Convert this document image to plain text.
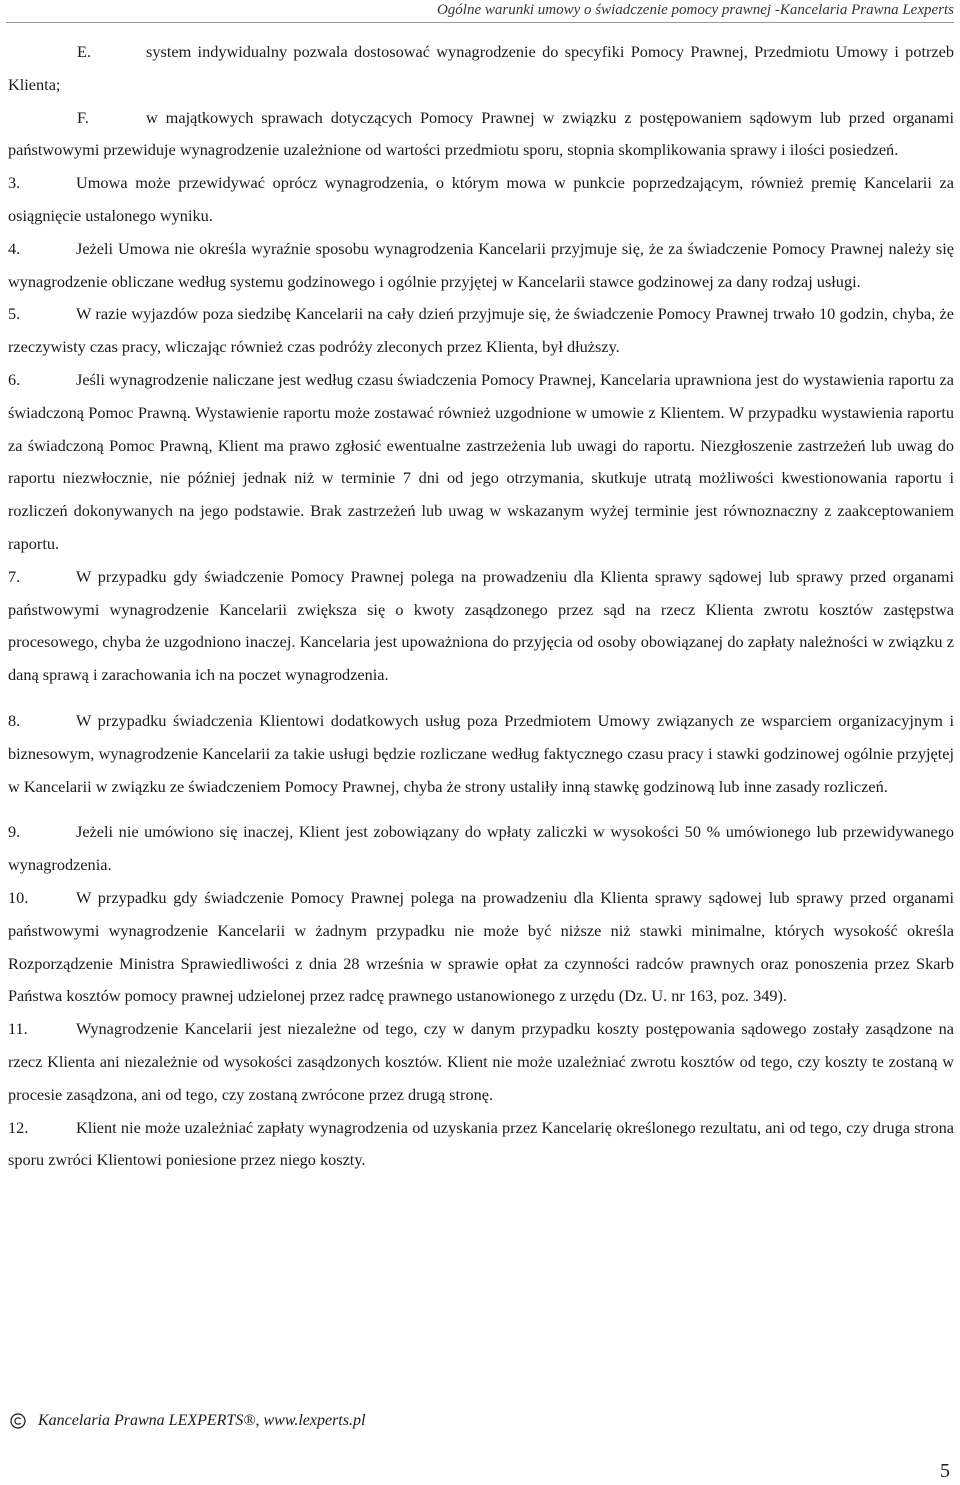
Ogólne warunki umowy o świadczenie pomocy prawnej -Kancelaria Prawna Lexperts

E.	system indywidualny pozwala dostosować wynagrodzenie do specyfiki Pomocy Prawnej, Przedmiotu Umowy i potrzeb Klienta;

F.	w majątkowych sprawach dotyczących Pomocy Prawnej w związku z postępowaniem sądowym lub przed organami państwowymi przewiduje wynagrodzenie uzależnione od wartości przedmiotu sporu, stopnia skomplikowania sprawy i ilości posiedzeń.

3.	Umowa może przewidywać oprócz wynagrodzenia, o którym mowa w punkcie poprzedzającym, również premię Kancelarii za osiągnięcie ustalonego wyniku.

4.	Jeżeli Umowa nie określa wyraźnie sposobu wynagrodzenia Kancelarii przyjmuje się, że za świadczenie Pomocy Prawnej należy się wynagrodzenie obliczane według systemu godzinowego i ogólnie przyjętej w Kancelarii stawce godzinowej za dany rodzaj usługi.

5.	W razie wyjazdów poza siedzibę Kancelarii na cały dzień przyjmuje się, że świadczenie Pomocy Prawnej trwało 10 godzin, chyba, że rzeczywisty czas pracy, wliczając również czas podróży zleconych przez Klienta, był dłuższy.

6.	Jeśli wynagrodzenie naliczane jest według czasu świadczenia Pomocy Prawnej, Kancelaria uprawniona jest do wystawienia raportu za świadczoną Pomoc Prawną. Wystawienie raportu może zostawać również uzgodnione w umowie z Klientem. W przypadku wystawienia raportu za świadczoną Pomoc Prawną, Klient ma prawo zgłosić ewentualne zastrzeżenia lub uwagi do raportu. Niezgłoszenie zastrzeżeń lub uwag do raportu niezwłocznie, nie później jednak niż w terminie 7 dni od jego otrzymania, skutkuje utratą możliwości kwestionowania raportu i rozliczeń dokonywanych na jego podstawie. Brak zastrzeżeń lub uwag w wskazanym wyżej terminie jest równoznaczny z zaakceptowaniem raportu.

7.	W przypadku gdy świadczenie Pomocy Prawnej polega na prowadzeniu dla Klienta sprawy sądowej lub sprawy przed organami państwowymi wynagrodzenie Kancelarii zwiększa się o kwoty zasądzonego przez sąd na rzecz Klienta zwrotu kosztów zastępstwa procesowego, chyba że uzgodniono inaczej. Kancelaria jest upoważniona do przyjęcia od osoby obowiązanej do zapłaty należności w związku z daną sprawą i zarachowania ich na poczet wynagrodzenia.

8.	W przypadku świadczenia Klientowi dodatkowych usług poza Przedmiotem Umowy związanych ze wsparciem organizacyjnym i biznesowym, wynagrodzenie Kancelarii za takie usługi będzie rozliczane według faktycznego czasu pracy i stawki godzinowej ogólnie przyjętej w Kancelarii w związku ze świadczeniem Pomocy Prawnej, chyba że strony ustaliły inną stawkę godzinową lub inne zasady rozliczeń.

9.	Jeżeli nie umówiono się inaczej, Klient jest zobowiązany do wpłaty zaliczki w wysokości 50 % umówionego lub przewidywanego wynagrodzenia.

10.	W przypadku gdy świadczenie Pomocy Prawnej polega na prowadzeniu dla Klienta sprawy sądowej lub sprawy przed organami państwowymi wynagrodzenie Kancelarii w żadnym przypadku nie może być niższe niż stawki minimalne, których wysokość określa Rozporządzenie Ministra Sprawiedliwości z dnia 28 września w sprawie opłat za czynności radców prawnych oraz ponoszenia przez Skarb Państwa kosztów pomocy prawnej udzielonej przez radcę prawnego ustanowionego z urzędu (Dz. U. nr 163, poz. 349).

11.	Wynagrodzenie Kancelarii jest niezależne od tego, czy w danym przypadku koszty postępowania sądowego zostały zasądzone na rzecz Klienta ani niezależnie od wysokości zasądzonych kosztów. Klient nie może uzależniać zwrotu kosztów od tego, czy koszty te zostaną w procesie zasądzona, ani od tego, czy zostaną zwrócone przez drugą stronę.

12.	Klient nie może uzależniać zapłaty wynagrodzenia od uzyskania przez Kancelarię określonego rezultatu, ani od tego, czy druga strona sporu zwróci Klientowi poniesione przez niego koszty.

Kancelaria Prawna LEXPERTS®, www.lexperts.pl
5
